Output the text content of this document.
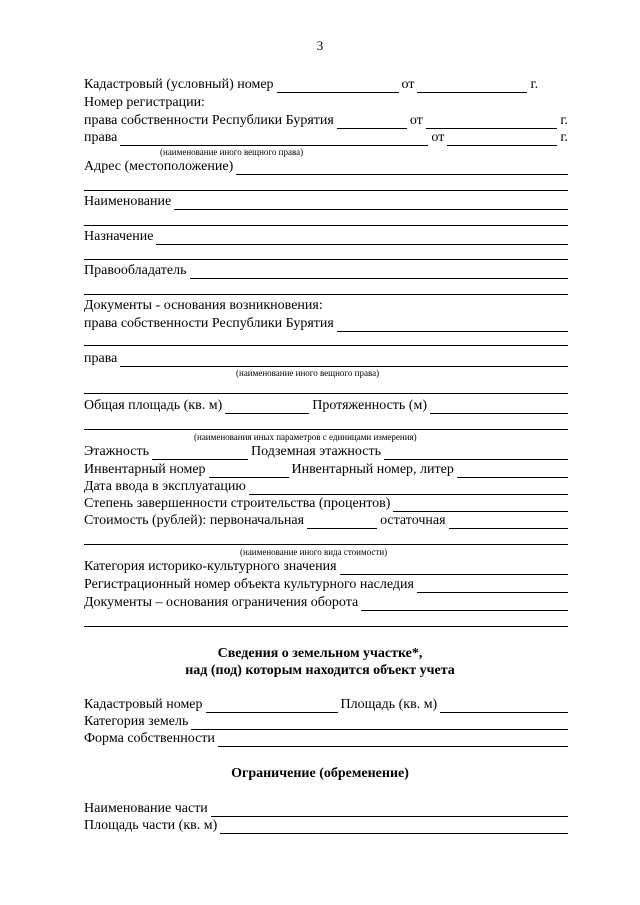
3
Кадастровый (условный) номер	от	г.
Номер регистрации:
права собственности Республики Бурятия	от	г.
права	от	г.
(наименование иного вещного права)
Адрес (местоположение)
Наименование
Назначение
Правообладатель
Документы - основания возникновения:
права собственности Республики Бурятия
права
(наименование иного вещного права)
Общая площадь (кв. м)	Протяженность (м)
(наименования иных параметров с единицами измерения)
Этажность	Подземная этажность
Инвентарный номер	Инвентарный номер, литер
Дата ввода в эксплуатацию
Степень завершенности строительства (процентов)
Стоимость (рублей): первоначальная	остаточная
(наименование иного вида стоимости)
Категория историко-культурного значения
Регистрационный номер объекта культурного наследия
Документы – основания ограничения оборота
Сведения о земельном участке*,
над (под) которым находится объект учета
Кадастровый номер	Площадь (кв. м)
Категория земель
Форма собственности
Ограничение (обременение)
Наименование части
Площадь части (кв. м)
